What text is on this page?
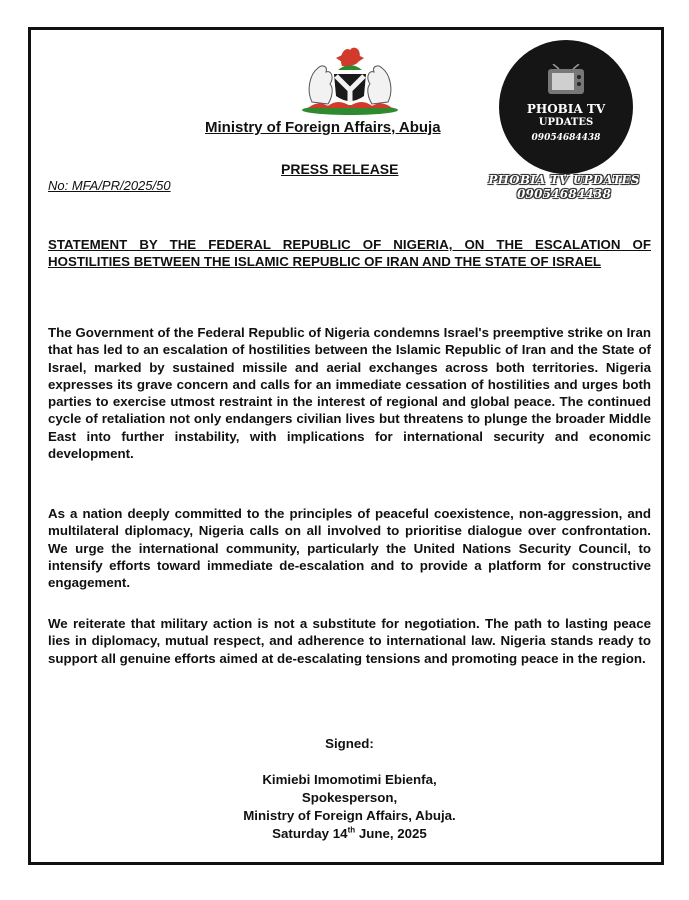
Ministry of Foreign Affairs, Abuja
PHOBIA TV
UPDATES
09054684438
PHOBIA TV UPDATES
09054684438
PRESS RELEASE
No: MFA/PR/2025/50
STATEMENT BY THE FEDERAL REPUBLIC OF NIGERIA, ON THE ESCALATION OF HOSTILITIES BETWEEN THE ISLAMIC REPUBLIC OF IRAN AND THE STATE OF ISRAEL

The Government of the Federal Republic of Nigeria condemns Israel's preemptive strike on Iran that has led to an escalation of hostilities between the Islamic Republic of Iran and the State of Israel, marked by sustained missile and aerial exchanges across both territories. Nigeria expresses its grave concern and calls for an immediate cessation of hostilities and urges both parties to exercise utmost restraint in the interest of regional and global peace. The continued cycle of retaliation not only endangers civilian lives but threatens to plunge the broader Middle East into further instability, with implications for international security and economic development.

As a nation deeply committed to the principles of peaceful coexistence, non-aggression, and multilateral diplomacy, Nigeria calls on all involved to prioritise dialogue over confrontation. We urge the international community, particularly the United Nations Security Council, to intensify efforts toward immediate de-escalation and to provide a platform for constructive engagement.

We reiterate that military action is not a substitute for negotiation. The path to lasting peace lies in diplomacy, mutual respect, and adherence to international law. Nigeria stands ready to support all genuine efforts aimed at de-escalating tensions and promoting peace in the region.

Signed:
Kimiebi Imomotimi Ebienfa,
Spokesperson,
Ministry of Foreign Affairs, Abuja.
Saturday 14th June, 2025
